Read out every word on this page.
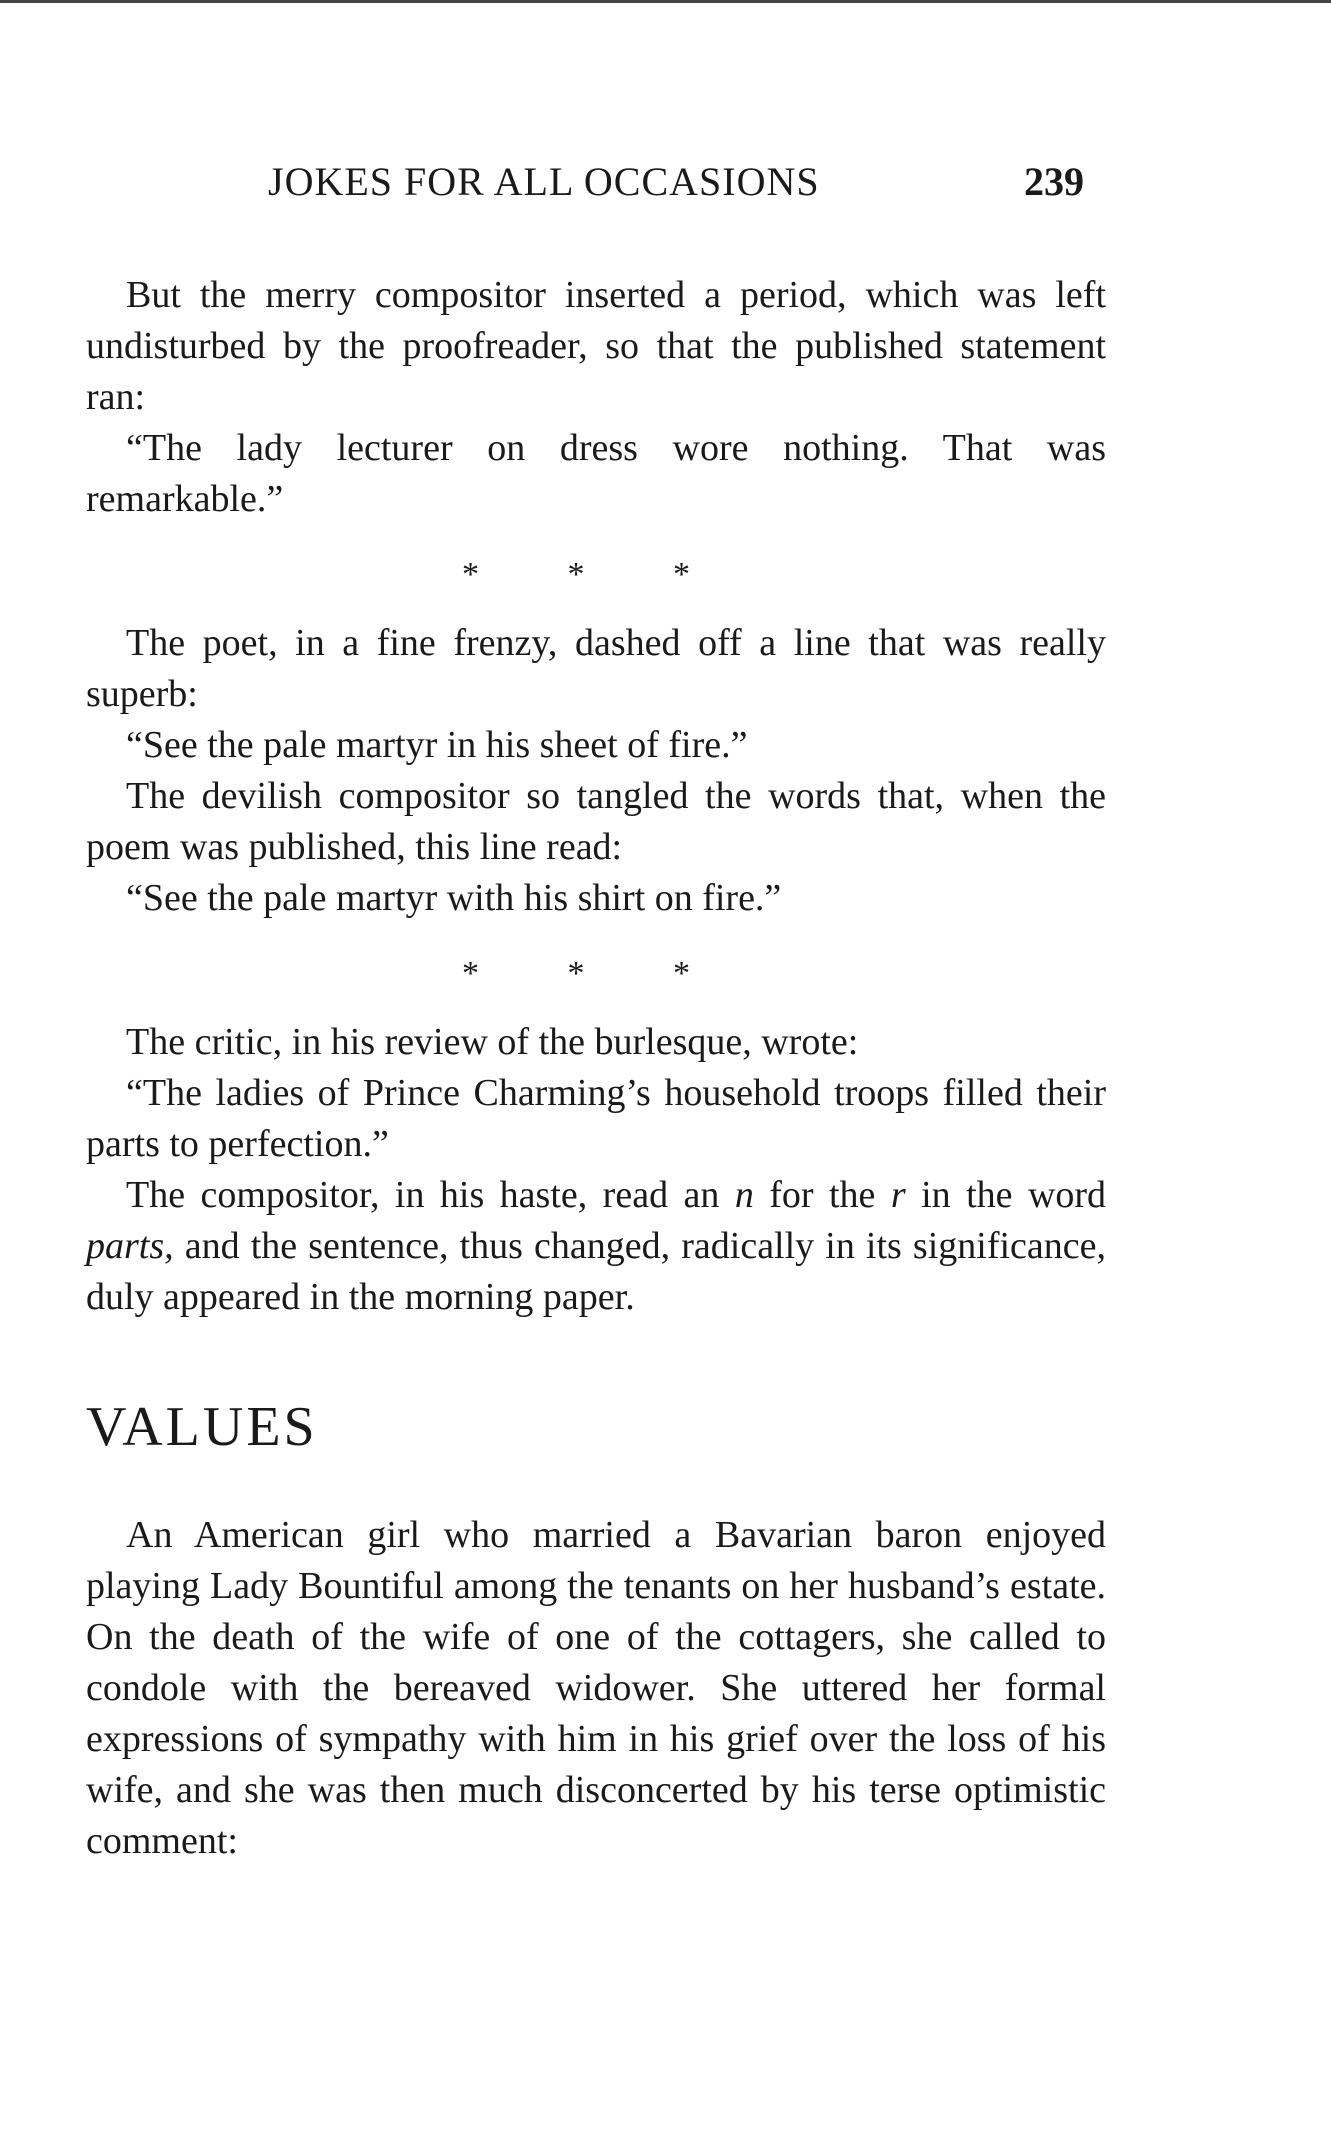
JOKES FOR ALL OCCASIONS	239

But the merry compositor inserted a period, which was left undisturbed by the proofreader, so that the published statement ran:

“The lady lecturer on dress wore nothing. That was remarkable.”

* * *

The poet, in a fine frenzy, dashed off a line that was really superb:

“See the pale martyr in his sheet of fire.”

The devilish compositor so tangled the words that, when the poem was published, this line read:

“See the pale martyr with his shirt on fire.”

* * *

The critic, in his review of the burlesque, wrote:

“The ladies of Prince Charming’s household troops filled their parts to perfection.”

The compositor, in his haste, read an n for the r in the word parts, and the sentence, thus changed, radically in its significance, duly appeared in the morning paper.

VALUES

An American girl who married a Bavarian baron enjoyed playing Lady Bountiful among the tenants on her husband’s estate. On the death of the wife of one of the cottagers, she called to condole with the bereaved widower. She uttered her formal expressions of sympathy with him in his grief over the loss of his wife, and she was then much disconcerted by his terse optimistic comment:
